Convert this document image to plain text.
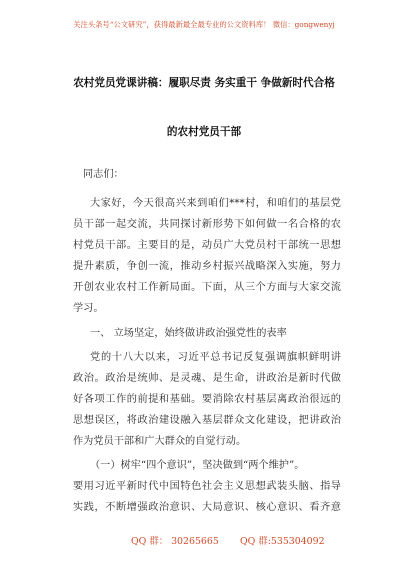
关注头条号“公文研究”，获得最新最全最专业的公文资料库！ 微信：gongwenyj
农村党员党课讲稿：履职尽责 务实重干 争做新时代合格
的农村党员干部
同志们：
大家好，今天很高兴来到咱们***村，和咱们的基层党
员干部一起交流，共同探讨新形势下如何做一名合格的农
村党员干部。主要目的是，动员广大党员村干部统一思想
提升素质，争创一流，推动乡村振兴战略深入实施，努力
开创农业农村工作新局面。下面，从三个方面与大家交流
学习。
一、 立场坚定，始终做讲政治强党性的表率
党的十八大以来，习近平总书记反复强调旗帜鲜明讲
政治。政治是统帅、是灵魂、是生命，讲政治是新时代做
好各项工作的前提和基础。要消除农村基层离政治很远的
思想误区，将政治建设融入基层群众文化建设，把讲政治
作为党员干部和广大群众的自觉行动。
（一）树牢“四个意识”，坚决做到“两个维护”。
要用习近平新时代中国特色社会主义思想武装头脑、指导
实践，不断增强政治意识、大局意识、核心意识、看齐意
QQ 群： 30265665 QQ 群:535304092
